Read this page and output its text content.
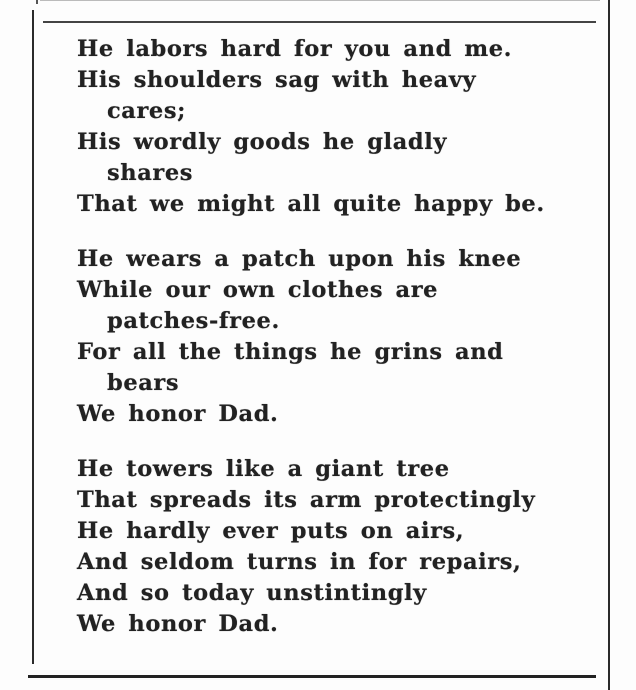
He labors hard for you and me.
His shoulders sag with heavy
cares;
His wordly goods he gladly
shares
That we might all quite happy be.
He wears a patch upon his knee
While our own clothes are
patches-free.
For all the things he grins and
bears
We honor Dad.
He towers like a giant tree
That spreads its arm protectingly
He hardly ever puts on airs,
And seldom turns in for repairs,
And so today unstintingly
We honor Dad.
